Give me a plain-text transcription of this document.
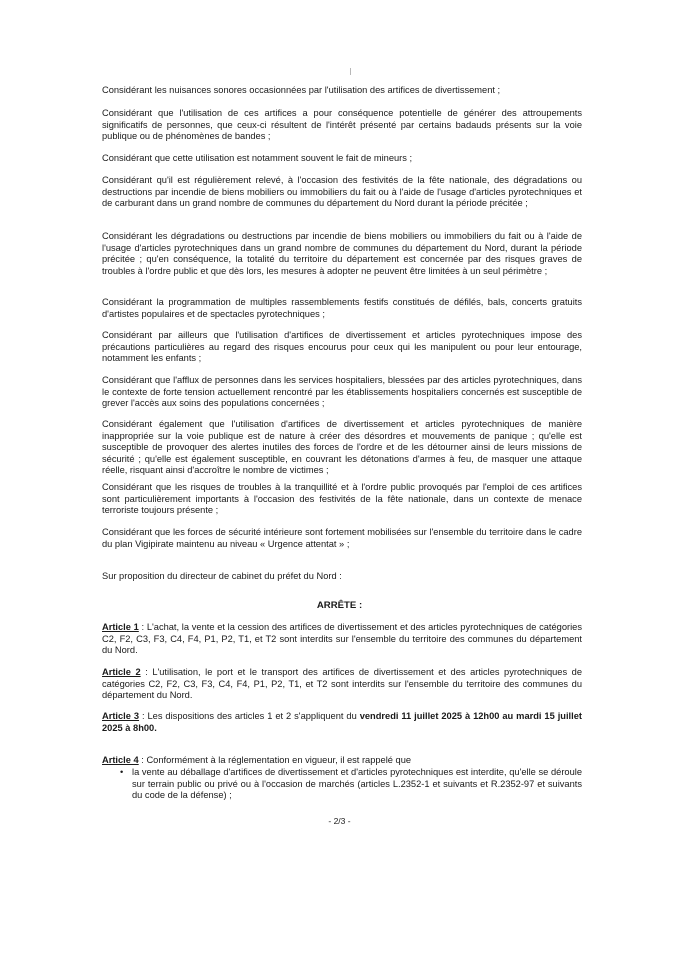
Considérant les nuisances sonores occasionnées par l'utilisation des artifices de divertissement ;

Considérant que l'utilisation de ces artifices a pour conséquence potentielle de générer des attroupements significatifs de personnes, que ceux-ci résultent de l'intérêt présenté par certains badauds présents sur la voie publique ou de phénomènes de bandes ;

Considérant que cette utilisation est notamment souvent le fait de mineurs ;

Considérant qu'il est régulièrement relevé, à l'occasion des festivités de la fête nationale, des dégradations ou destructions par incendie de biens mobiliers ou immobiliers du fait ou à l'aide de l'usage d'articles pyrotechniques et de carburant dans un grand nombre de communes du département du Nord durant la période précitée ;

Considérant les dégradations ou destructions par incendie de biens mobiliers ou immobiliers du fait ou à l'aide de l'usage d'articles pyrotechniques dans un grand nombre de communes du département du Nord, durant la période précitée ; qu'en conséquence, la totalité du territoire du département est concernée par des risques graves de troubles à l'ordre public et que dès lors, les mesures à adopter ne peuvent être limitées à un seul périmètre ;

Considérant la programmation de multiples rassemblements festifs constitués de défilés, bals, concerts gratuits d'artistes populaires et de spectacles pyrotechniques ;

Considérant par ailleurs que l'utilisation d'artifices de divertissement et articles pyrotechniques impose des précautions particulières au regard des risques encourus pour ceux qui les manipulent ou pour leur entourage, notamment les enfants ;

Considérant que l'afflux de personnes dans les services hospitaliers, blessées par des articles pyrotechniques, dans le contexte de forte tension actuellement rencontré par les établissements hospitaliers concernés est susceptible de grever l'accès aux soins des populations concernées ;

Considérant également que l'utilisation d'artifices de divertissement et articles pyrotechniques de manière inappropriée sur la voie publique est de nature à créer des désordres et mouvements de panique ; qu'elle est susceptible de provoquer des alertes inutiles des forces de l'ordre et de les détourner ainsi de leurs missions de sécurité ; qu'elle est également susceptible, en couvrant les détonations d'armes à feu, de masquer une attaque réelle, risquant ainsi d'accroître le nombre de victimes ;

Considérant que les risques de troubles à la tranquillité et à l'ordre public provoqués par l'emploi de ces artifices sont particulièrement importants à l'occasion des festivités de la fête nationale, dans un contexte de menace terroriste toujours présente ;

Considérant que les forces de sécurité intérieure sont fortement mobilisées sur l'ensemble du territoire dans le cadre du plan Vigipirate maintenu au niveau « Urgence attentat » ;

Sur proposition du directeur de cabinet du préfet du Nord :

ARRÊTE :

Article 1 : L'achat, la vente et la cession des artifices de divertissement et des articles pyrotechniques de catégories C2, F2, C3, F3, C4, F4, P1, P2, T1, et T2 sont interdits sur l'ensemble du territoire des communes du département du Nord.

Article 2 : L'utilisation, le port et le transport des artifices de divertissement et des articles pyrotechniques de catégories C2, F2, C3, F3, C4, F4, P1, P2, T1, et T2 sont interdits sur l'ensemble du territoire des communes du département du Nord.

Article 3 : Les dispositions des articles 1 et 2 s'appliquent du vendredi 11 juillet 2025 à 12h00 au mardi 15 juillet 2025 à 8h00.

Article 4 : Conformément à la réglementation en vigueur, il est rappelé que

• la vente au déballage d'artifices de divertissement et d'articles pyrotechniques est interdite, qu'elle se déroule sur terrain public ou privé ou à l'occasion de marchés (articles L.2352-1 et suivants et R.2352-97 et suivants du code de la défense) ;
- 2/3 -
